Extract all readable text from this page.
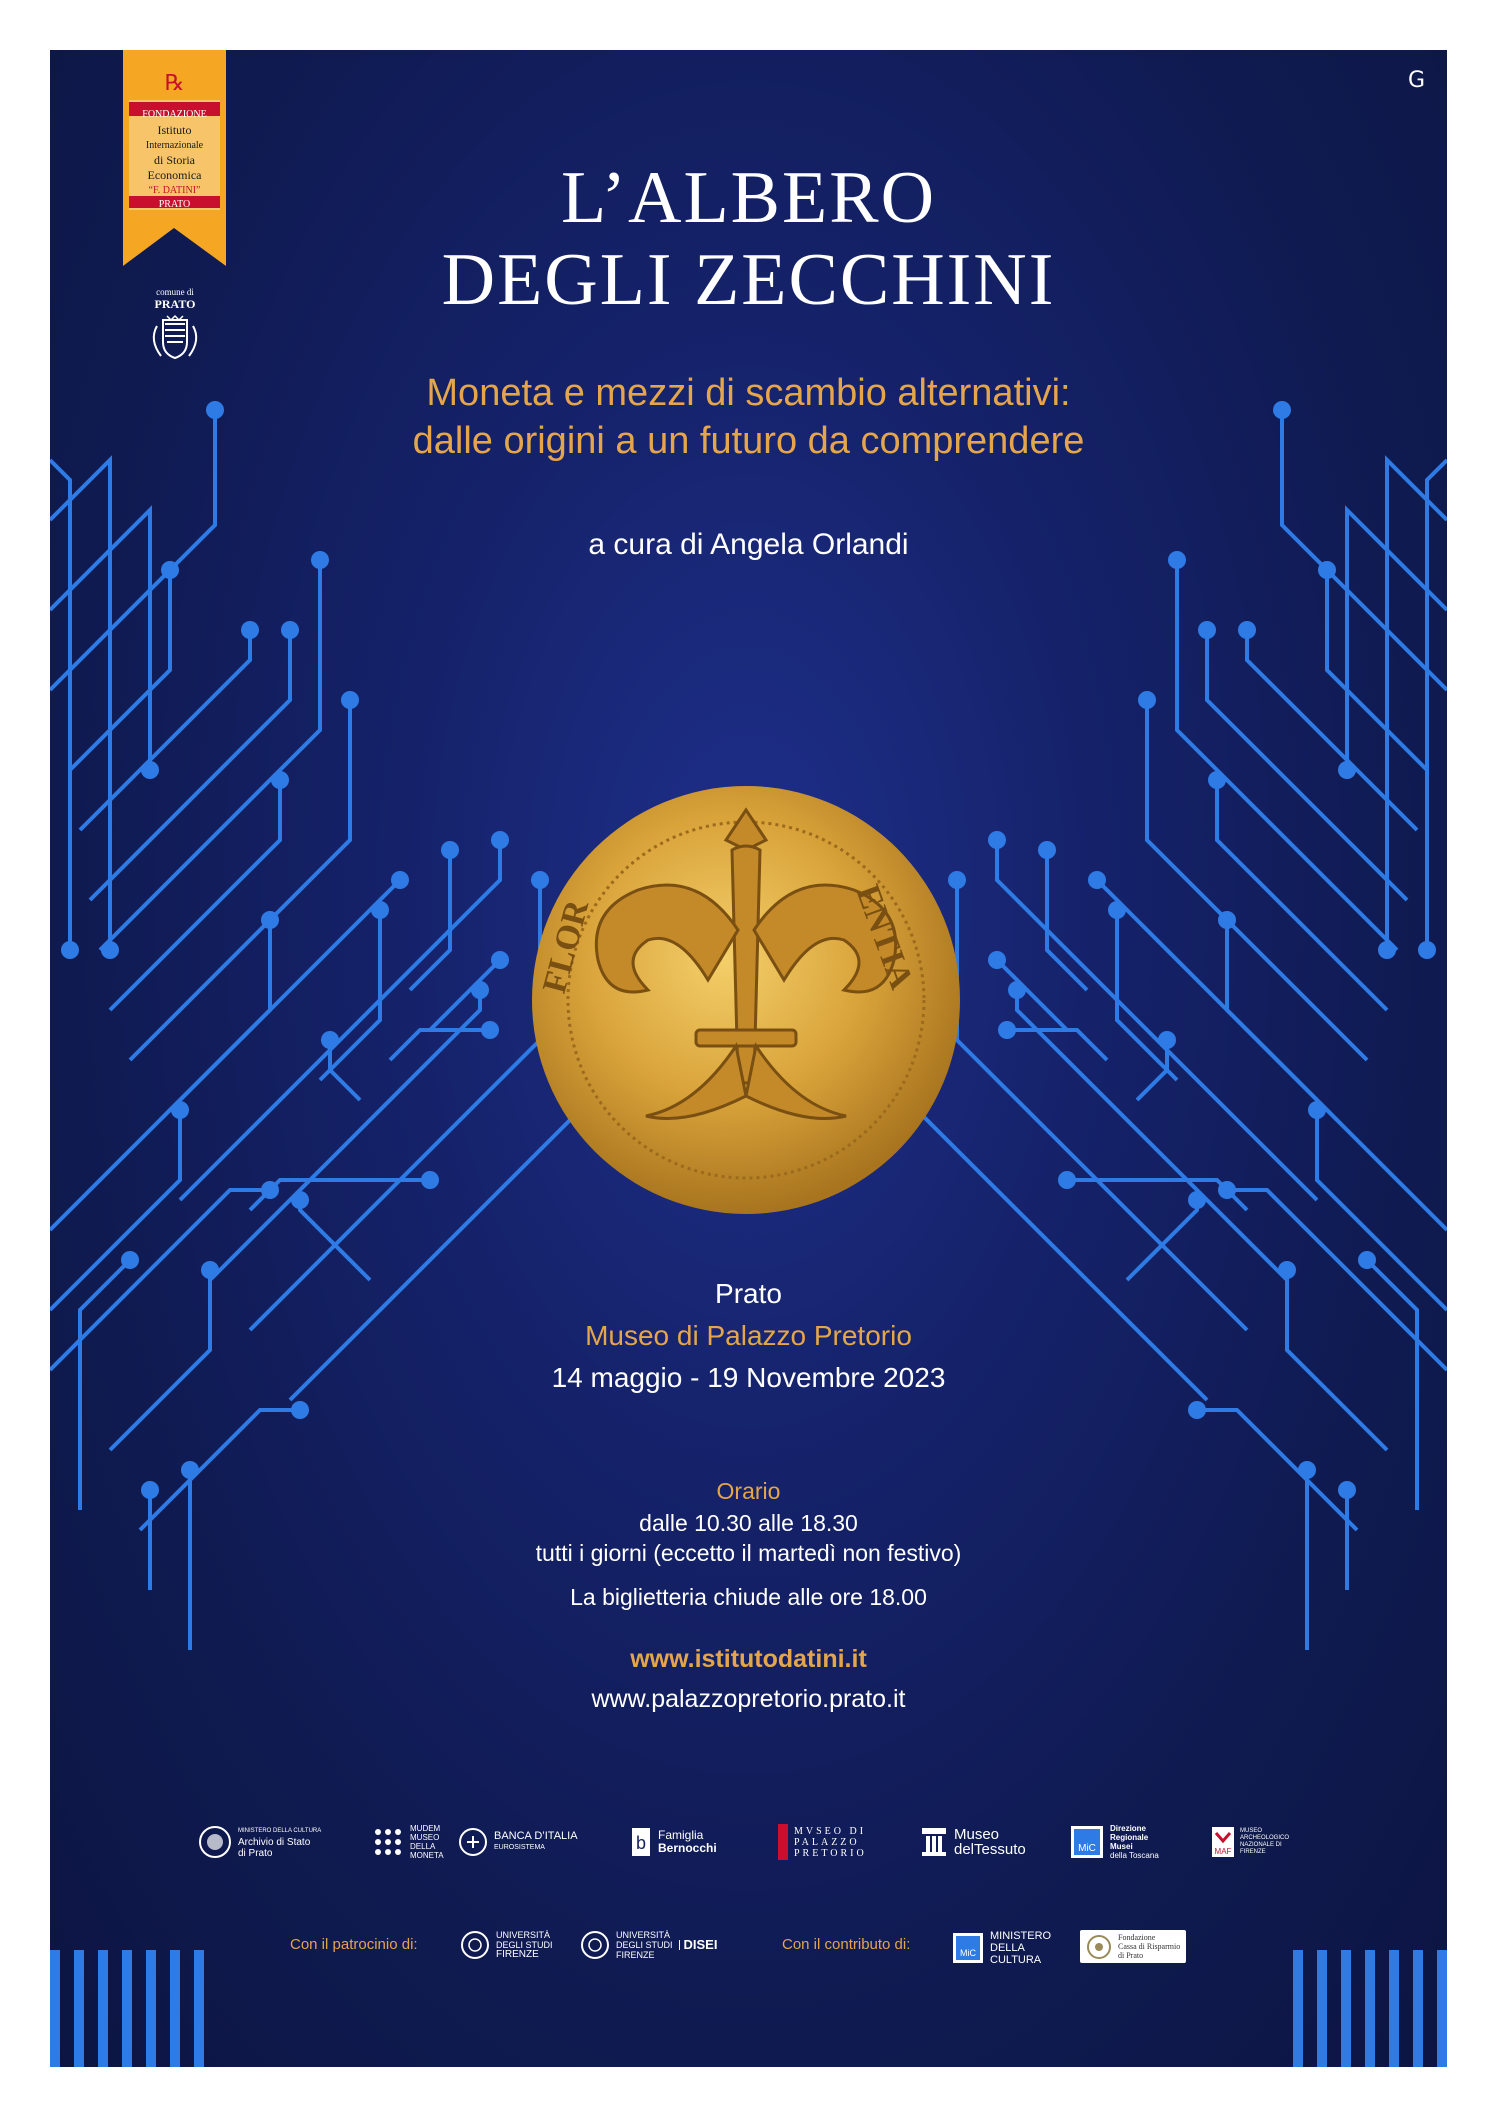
℞
FONDAZIONE
Istituto
Internazionale
di Storia
Economica
“F. DATINI”
PRATO
comune di
PRATO
G
L’ALBERO
DEGLI ZECCHINI
Moneta e mezzi di scambio alternativi:
dalle origini a un futuro da comprendere
a cura di Angela Orlandi
FLOR	ENTIA
Prato
Museo di Palazzo Pretorio
14 maggio - 19 Novembre 2023
Orario
dalle 10.30 alle 18.30
tutti i giorni (eccetto il martedì non festivo)
La biglietteria chiude alle ore 18.00
www.istitutodatini.it
www.palazzopretorio.prato.it
MINISTERO DELLA CULTURA
Archivio di Stato
di Prato
MUDEM
MUSEO
DELLA
MONETA
BANCA D’ITALIA
EUROSISTEMA	b Famiglia
Bernocchi
MVSEO DI
PALAZZO
PRETORIO
Museo
delTessuto	MiC
Direzione
Regionale
Musei
della Toscana	MAF
MUSEO
ARCHEOLOGICO
NAZIONALE DI
FIRENZE
Con il patrocinio di:
UNIVERSITÀ
DEGLI STUDI
FIRENZE
UNIVERSITÀ
DEGLI STUDI
FIRENZE
DISEI	Con il contributo di:	MiC
MINISTERO
DELLA
CULTURA
Fondazione
Cassa di Risparmio
di Prato
